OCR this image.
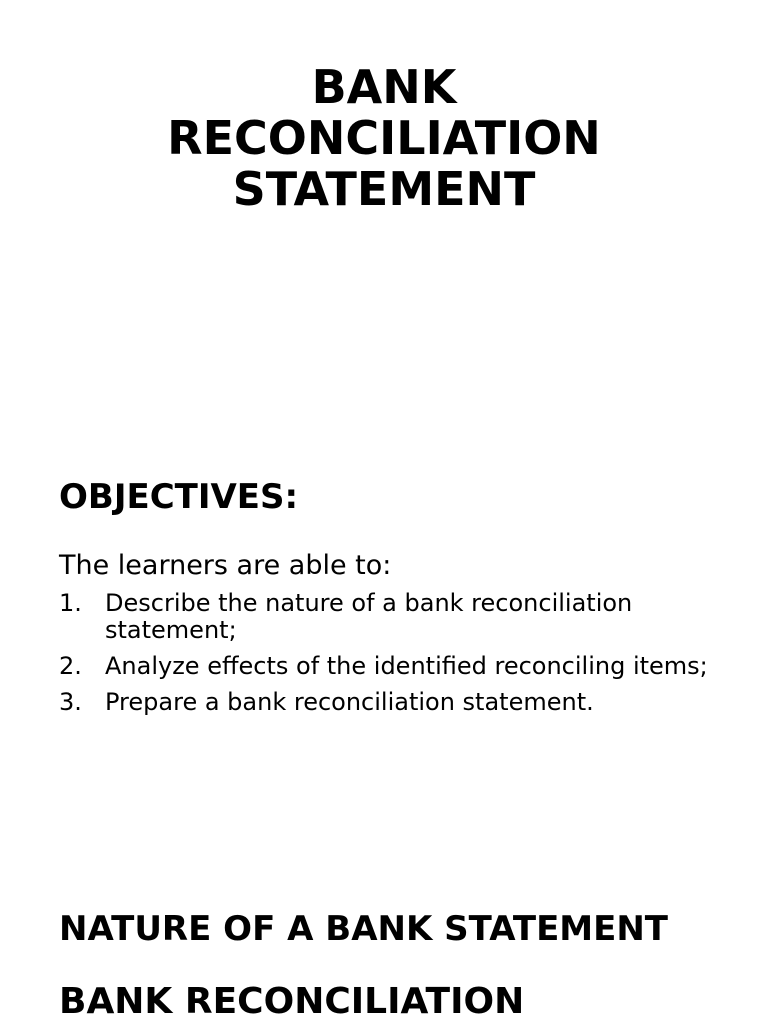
BANK
RECONCILIATION
STATEMENT
OBJECTIVES:

The learners are able to:

1. Describe the nature of a bank reconciliation statement;
2. Analyze effects of the identified reconciling items;
3. Prepare a bank reconciliation statement.
NATURE OF A BANK STATEMENT
BANK RECONCILIATION
